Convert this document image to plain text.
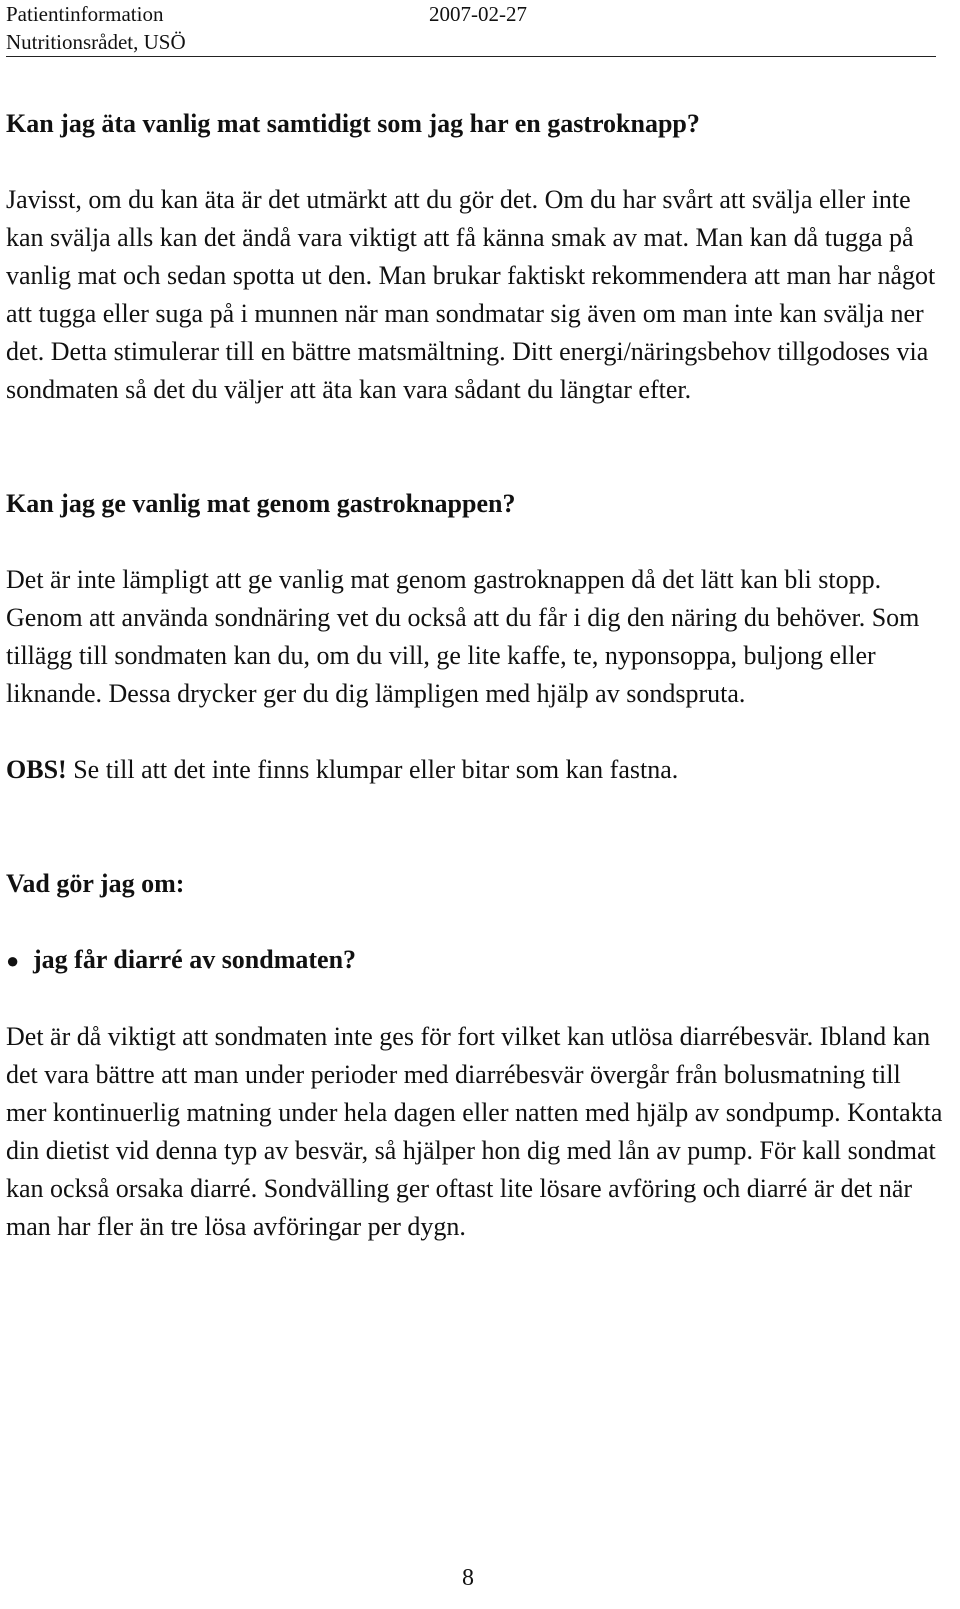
Patientinformation	2007-02-27
Nutritionsrådet, USÖ
Kan jag äta vanlig mat samtidigt som jag har en gastroknapp?

Javisst, om du kan äta är det utmärkt att du gör det. Om du har svårt att svälja eller inte kan svälja alls kan det ändå vara viktigt att få känna smak av mat. Man kan då tugga på vanlig mat och sedan spotta ut den. Man brukar faktiskt rekommendera att man har något att tugga eller suga på i munnen när man sondmatar sig även om man inte kan svälja ner det. Detta stimulerar till en bättre matsmältning. Ditt energi/näringsbehov tillgodoses via sondmaten så det du väljer att äta kan vara sådant du längtar efter.

Kan jag ge vanlig mat genom gastroknappen?

Det är inte lämpligt att ge vanlig mat genom gastroknappen då det lätt kan bli stopp. Genom att använda sondnäring vet du också att du får i dig den näring du behöver. Som tillägg till sondmaten kan du, om du vill, ge lite kaffe, te, nyponsoppa, buljong eller liknande. Dessa drycker ger du dig lämpligen med hjälp av sondspruta.

OBS! Se till att det inte finns klumpar eller bitar som kan fastna.

Vad gör jag om:
● jag får diarré av sondmaten?

Det är då viktigt att sondmaten inte ges för fort vilket kan utlösa diarrébesvär. Ibland kan det vara bättre att man under perioder med diarrébesvär övergår från bolusmatning till mer kontinuerlig matning under hela dagen eller natten med hjälp av sondpump. Kontakta din dietist vid denna typ av besvär, så hjälper hon dig med lån av pump. För kall sondmat kan också orsaka diarré. Sondvälling ger oftast lite lösare avföring och diarré är det när man har fler än tre lösa avföringar per dygn.

8
